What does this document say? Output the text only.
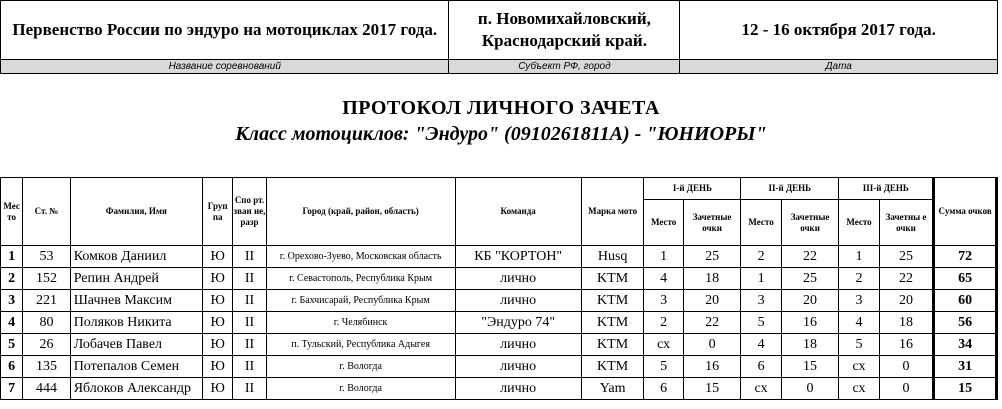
Первенство России по эндуро на мотоциклах 2017 года.	п. Новомихайловский, Краснодарский край.	12 - 16 октября 2017 года.
Название соревнований	Субъект РФ, город	Дата
ПРОТОКОЛ ЛИЧНОГО ЗАЧЕТА
Класс мотоциклов: "Эндуро" (0910261811А) - "ЮНИОРЫ"
Мес то	Ст. №	Фамилия, Имя	Груп па	Спо рт. зван ие, разр	Город (край, район, область)	Команда	Марка мото	I-й ДЕНЬ		II-й ДЕНЬ		III-й ДЕНЬ		Сумма очков
								Место	Зачетные очки	Место	Зачетные очки	Место	Зачетны е очки	
1	53	Комков Даниил	Ю	II	г. Орехово-Зуево, Московская область	КБ "КОРТОН"	Husq	1	25	2	22	1	25	72
2	152	Репин Андрей	Ю	II	г. Севастополь, Республика Крым	лично	KTM	4	18	1	25	2	22	65
3	221	Шачнев Максим	Ю	II	г. Бахчисарай, Республика Крым	лично	KTM	3	20	3	20	3	20	60
4	80	Поляков Никита	Ю	II	г. Челябинск	"Эндуро 74"	KTM	2	22	5	16	4	18	56
5	26	Лобачев Павел	Ю	II	п. Тульский, Республика Адыгея	лично	KTM	сх	0	4	18	5	16	34
6	135	Потепалов Семен	Ю	II	г. Вологда	лично	KTM	5	16	6	15	сх	0	31
7	444	Яблоков Александр	Ю	II	г. Вологда	лично	Yam	6	15	сх	0	сх	0	15
